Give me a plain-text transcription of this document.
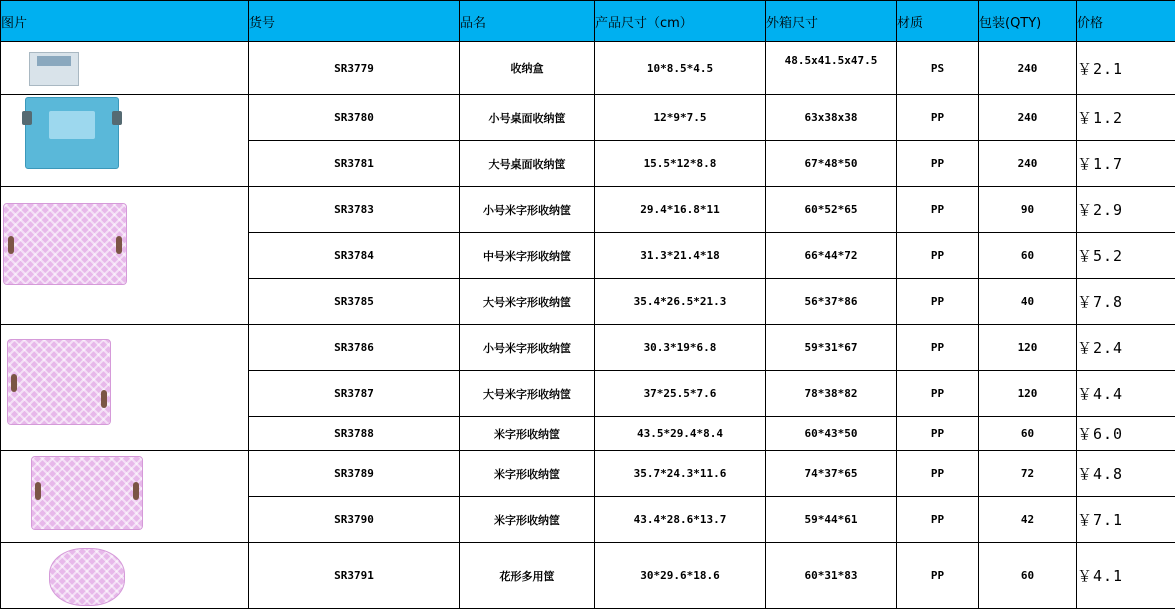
图片	货号	品名	产品尺寸（cm）	外箱尺寸	材质	包装(QTY)	价格

	SR3779	收纳盒	10*8.5*4.5	48.5x41.5x47.5	PS	240	￥2.1

	SR3780	小号桌面收纳筐	12*9*7.5	63x38x38	PP	240	￥1.2
	SR3781	大号桌面收纳筐	15.5*12*8.8	67*48*50	PP	240	￥1.7

	SR3783	小号米字形收纳筐	29.4*16.8*11	60*52*65	PP	90	￥2.9
	SR3784	中号米字形收纳筐	31.3*21.4*18	66*44*72	PP	60	￥5.2
	SR3785	大号米字形收纳筐	35.4*26.5*21.3	56*37*86	PP	40	￥7.8

	SR3786	小号米字形收纳筐	30.3*19*6.8	59*31*67	PP	120	￥2.4
	SR3787	大号米字形收纳筐	37*25.5*7.6	78*38*82	PP	120	￥4.4
	SR3788	米字形收纳筐	43.5*29.4*8.4	60*43*50	PP	60	￥6.0

	SR3789	米字形收纳筐	35.7*24.3*11.6	74*37*65	PP	72	￥4.8
	SR3790	米字形收纳筐	43.4*28.6*13.7	59*44*61	PP	42	￥7.1

	SR3791	花形多用筐	30*29.6*18.6	60*31*83	PP	60	￥4.1
